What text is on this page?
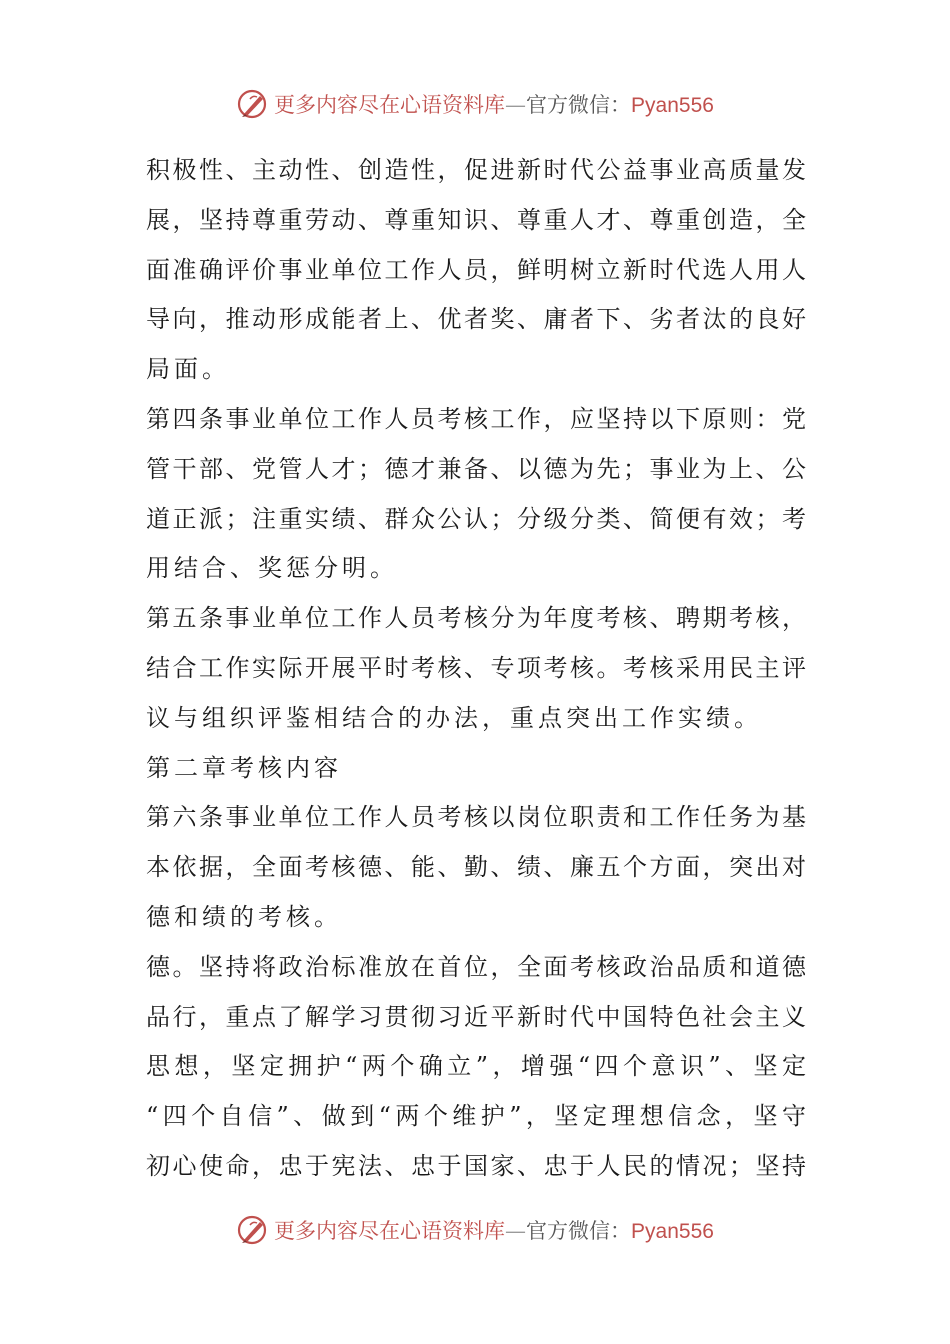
更多内容尽在心语资料库—官方微信：Pyan556
积 极 性 、 主 动 性 、 创 造 性 ， 促 进 新 时 代 公 益 事 业 高 质 量 发
展 ， 坚 持 尊 重 劳 动 、 尊 重 知 识 、 尊 重 人 才 、 尊 重 创 造 ， 全
面 准 确 评 价 事 业 单 位 工 作 人 员 ， 鲜 明 树 立 新 时 代 选 人 用 人
导 向 ， 推 动 形 成 能 者 上 、 优 者 奖 、 庸 者 下 、 劣 者 汰 的 良 好
局面。
第 四 条 事 业 单 位 工 作 人 员 考 核 工 作 ， 应 坚 持 以 下 原 则 ： 党
管 干 部 、 党 管 人 才 ； 德 才 兼 备 、 以 德 为 先 ； 事 业 为 上 、 公
道 正 派 ； 注 重 实 绩 、 群 众 公 认 ； 分 级 分 类 、 简 便 有 效 ； 考
用结合、奖惩分明。
第 五 条 事 业 单 位 工 作 人 员 考 核 分 为 年 度 考 核 、 聘 期 考 核 ，
结 合 工 作 实 际 开 展 平 时 考 核 、 专 项 考 核 。 考 核 采 用 民 主 评
议与组织评鉴相结合的办法，重点突出工作实绩。
第二章考核内容
第 六 条 事 业 单 位 工 作 人 员 考 核 以 岗 位 职 责 和 工 作 任 务 为 基
本 依 据 ， 全 面 考 核 德 、 能 、 勤 、 绩 、 廉 五 个 方 面 ， 突 出 对
德和绩的考核。
德 。 坚 持 将 政 治 标 准 放 在 首 位 ， 全 面 考 核 政 治 品 质 和 道 德
品 行 ， 重 点 了 解 学 习 贯 彻 习 近 平 新 时 代 中 国 特 色 社 会 主 义
思 想 ， 坚 定 拥 护 “ 两 个 确 立 ” ， 增 强 “ 四 个 意 识 ” 、 坚 定
“ 四 个 自 信 ” 、 做 到 “ 两 个 维 护 ” ， 坚 定 理 想 信 念 ， 坚 守
初 心 使 命 ， 忠 于 宪 法 、 忠 于 国 家 、 忠 于 人 民 的 情 况 ； 坚 持
更多内容尽在心语资料库—官方微信：Pyan556
